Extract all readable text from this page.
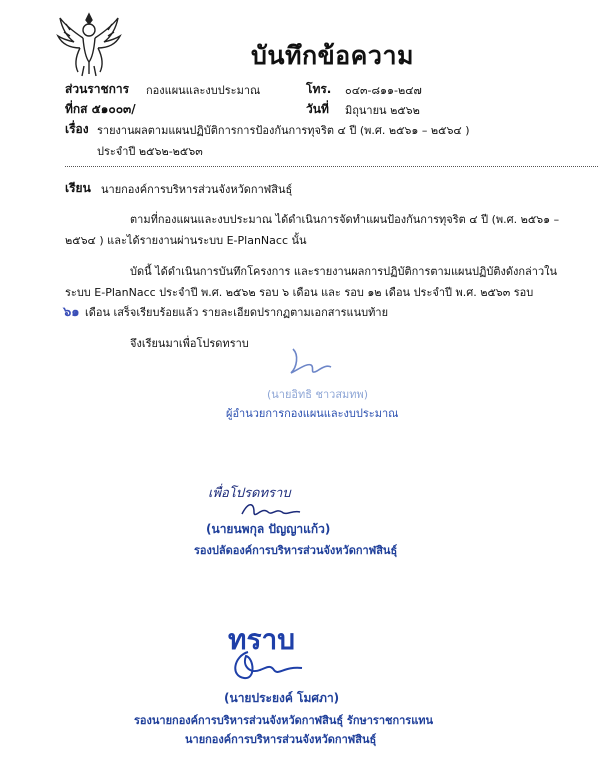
บันทึกข้อความ
ส่วนราชการ กองแผนและงบประมาณ	โทร. ๐๔๓-๘๑๑-๒๔๗
ที่กส ๕๑๐๐๓/	วันที่ มิถุนายน ๒๕๖๒
เรื่อง รายงานผลตามแผนปฏิบัติการการป้องกันการทุจริต ๔ ปี (พ.ศ. ๒๕๖๑ – ๒๕๖๔ )
ประจำปี ๒๕๖๒-๒๕๖๓
เรียน นายกองค์การบริหารส่วนจังหวัดกาฬสินธุ์
ตามที่กองแผนและงบประมาณ ได้ดำเนินการจัดทำแผนป้องกันการทุจริต ๔ ปี (พ.ศ. ๒๕๖๑ –
๒๕๖๔ ) และได้รายงานผ่านระบบ E-PlanNacc นั้น
บัดนี้ ได้ดำเนินการบันทึกโครงการ และรายงานผลการปฏิบัติการตามแผนปฏิบัติงดังกล่าวใน
ระบบ E-PlanNacc ประจำปี พ.ศ. ๒๕๖๒ รอบ ๖ เดือน และ รอบ ๑๒ เดือน ประจำปี พ.ศ. ๒๕๖๓ รอบ
๖๑ เดือน เสร็จเรียบร้อยแล้ว รายละเอียดปรากฏตามเอกสารแนบท้าย
จึงเรียนมาเพื่อโปรดทราบ
(นายอิทธิ ชาวสมทพ)
ผู้อำนวยการกองแผนและงบประมาณ
เพื่อโปรดทราบ
(นายนพกุล ปัญญาแก้ว)
รองปลัดองค์การบริหารส่วนจังหวัดกาฬสินธุ์
ทราบ
(นายประยงค์ โมศภา)
รองนายกองค์การบริหารส่วนจังหวัดกาฬสินธุ์ รักษาราชการแทน
นายกองค์การบริหารส่วนจังหวัดกาฬสินธุ์
